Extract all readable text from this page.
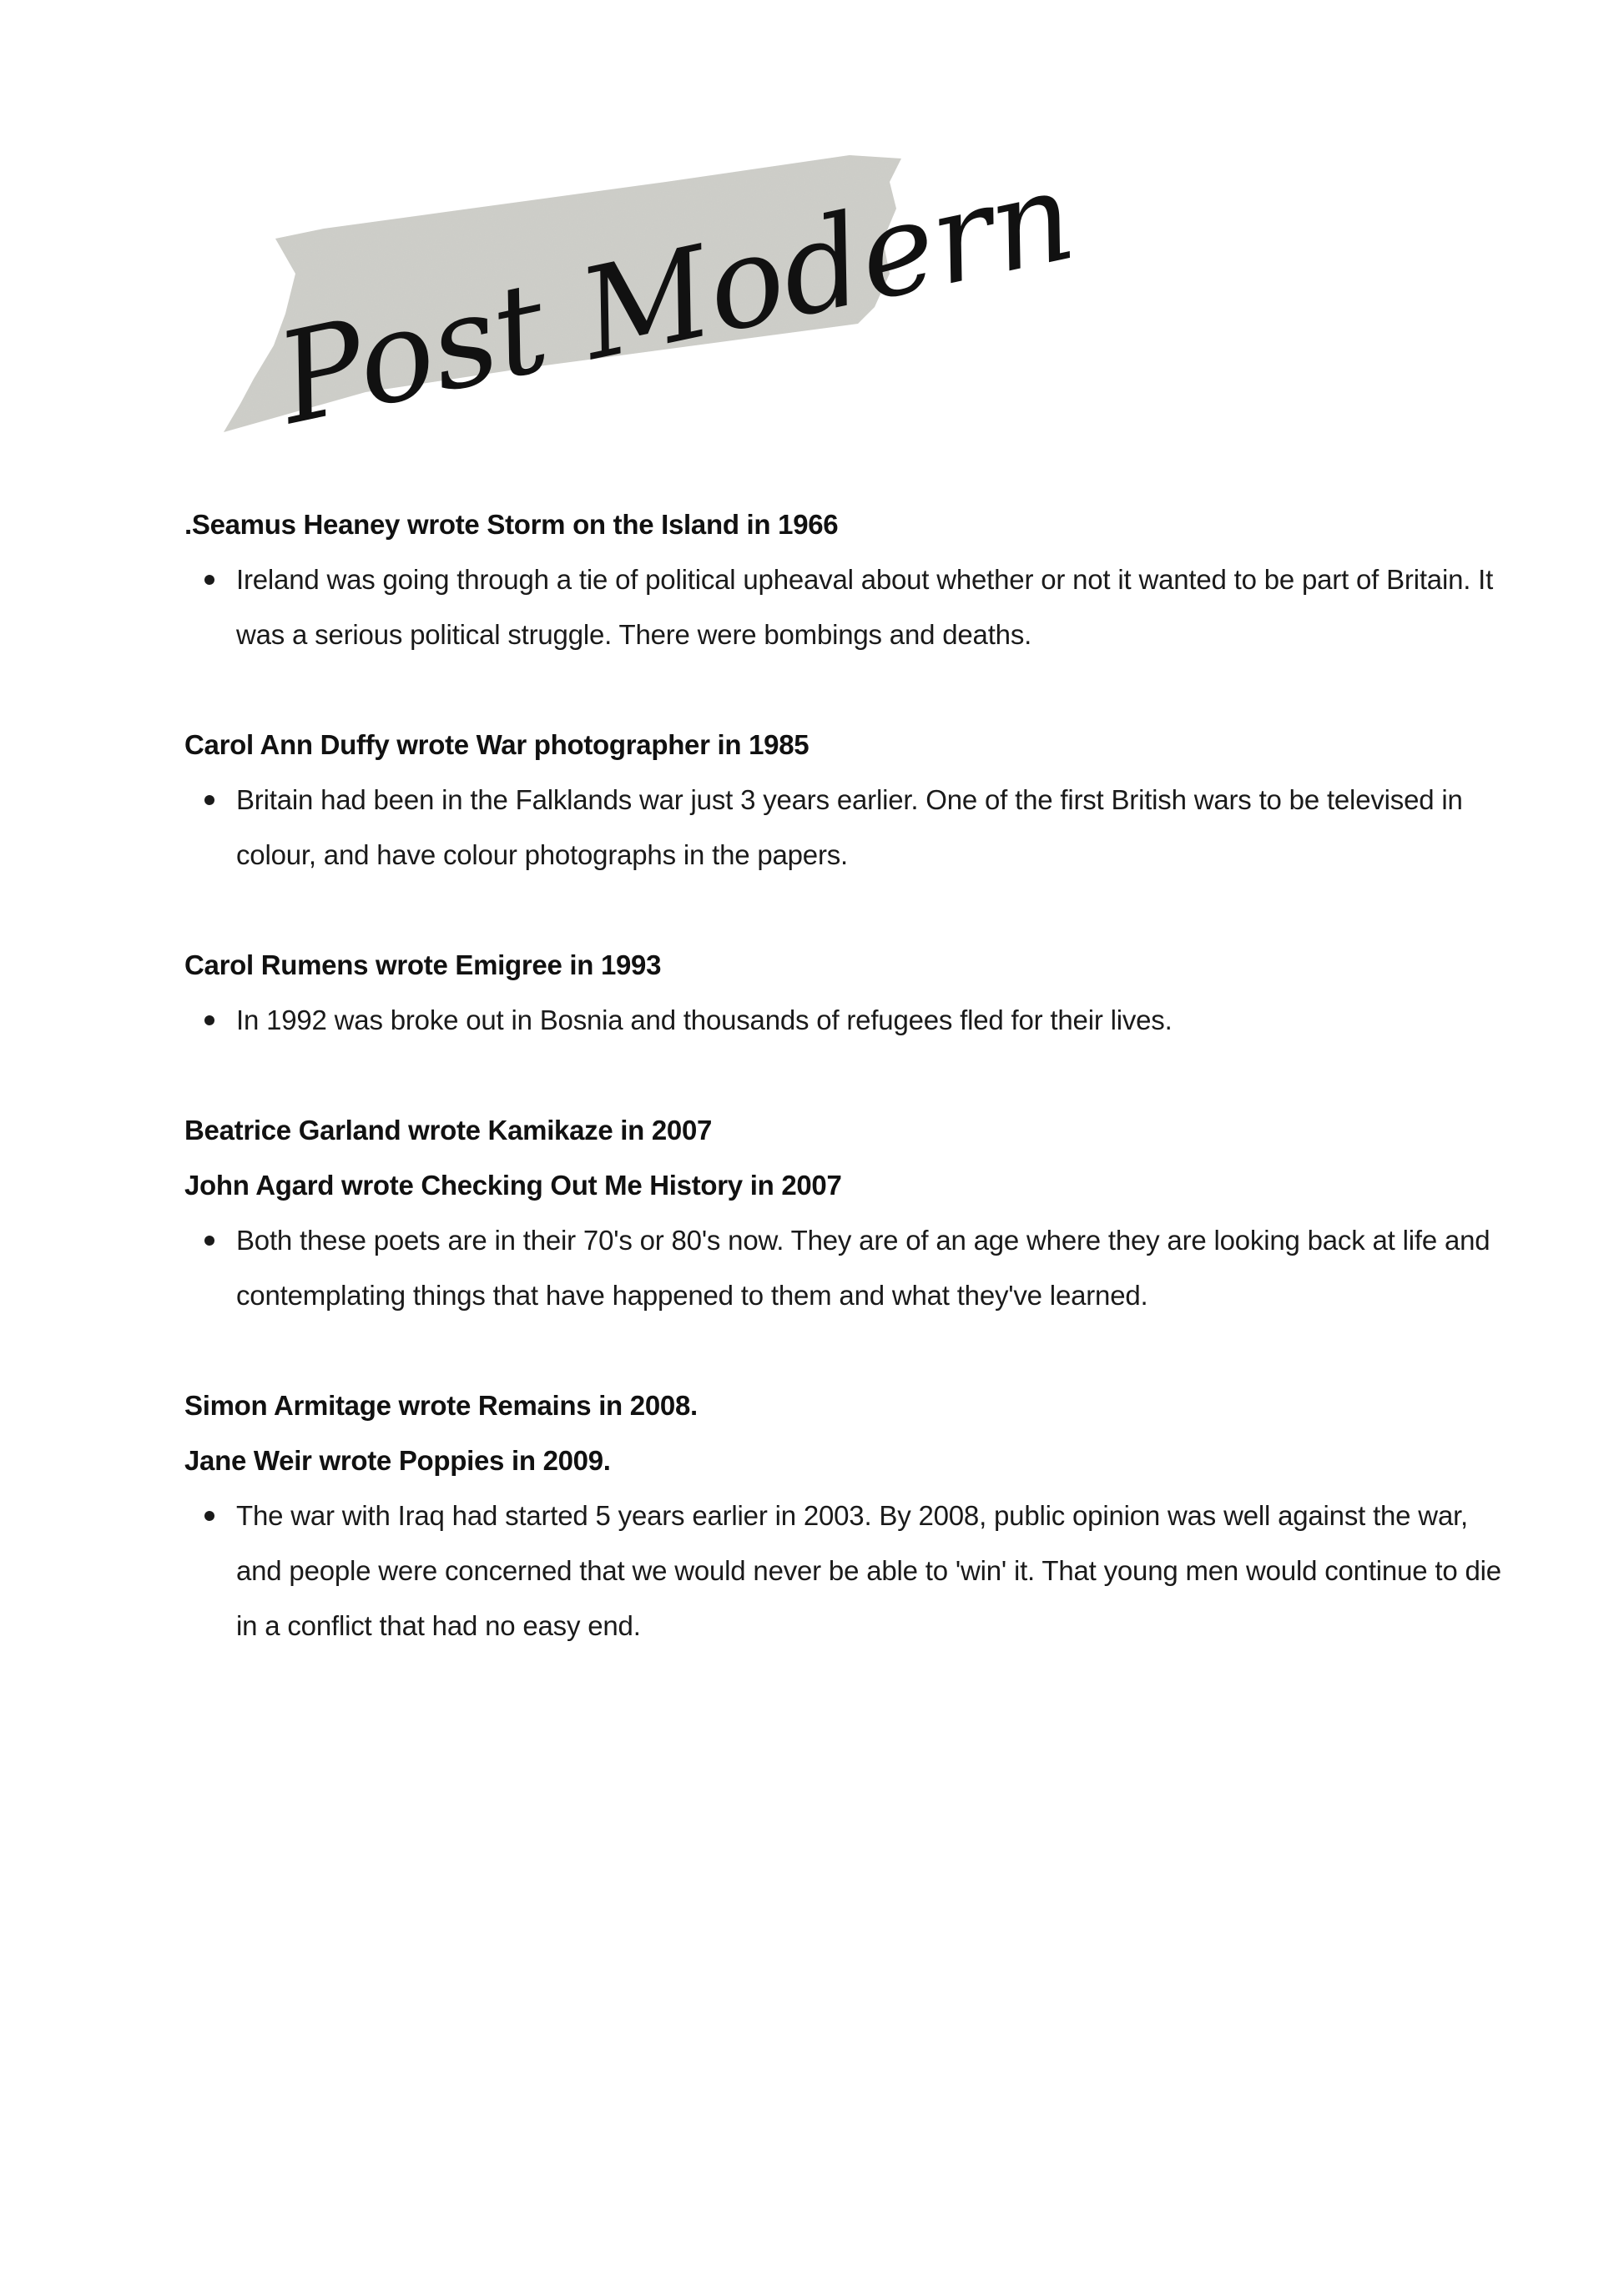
Post Modern

.Seamus Heaney wrote Storm on the Island in 1966

Ireland was going through a tie of political upheaval about whether or not it wanted to be part of Britain. It was a serious political struggle. There were bombings and deaths.

Carol Ann Duffy wrote War photographer in 1985

Britain had been in the Falklands war just 3 years earlier. One of the first British wars to be televised in colour, and have colour photographs in the papers.

Carol Rumens wrote Emigree in 1993

In 1992 was broke out in Bosnia and thousands of refugees fled for their lives.

Beatrice Garland wrote Kamikaze in 2007

John Agard wrote Checking Out Me History in 2007

Both these poets are in their 70's or 80's now. They are of an age where they are looking back at life and contemplating things that have happened to them and what they've learned.

Simon Armitage wrote Remains in 2008.

Jane Weir wrote Poppies in 2009.

The war with Iraq had started 5 years earlier in 2003. By 2008, public opinion was well against the war, and people were concerned that we would never be able to 'win' it. That young men would continue to die in a conflict that had no easy end.
